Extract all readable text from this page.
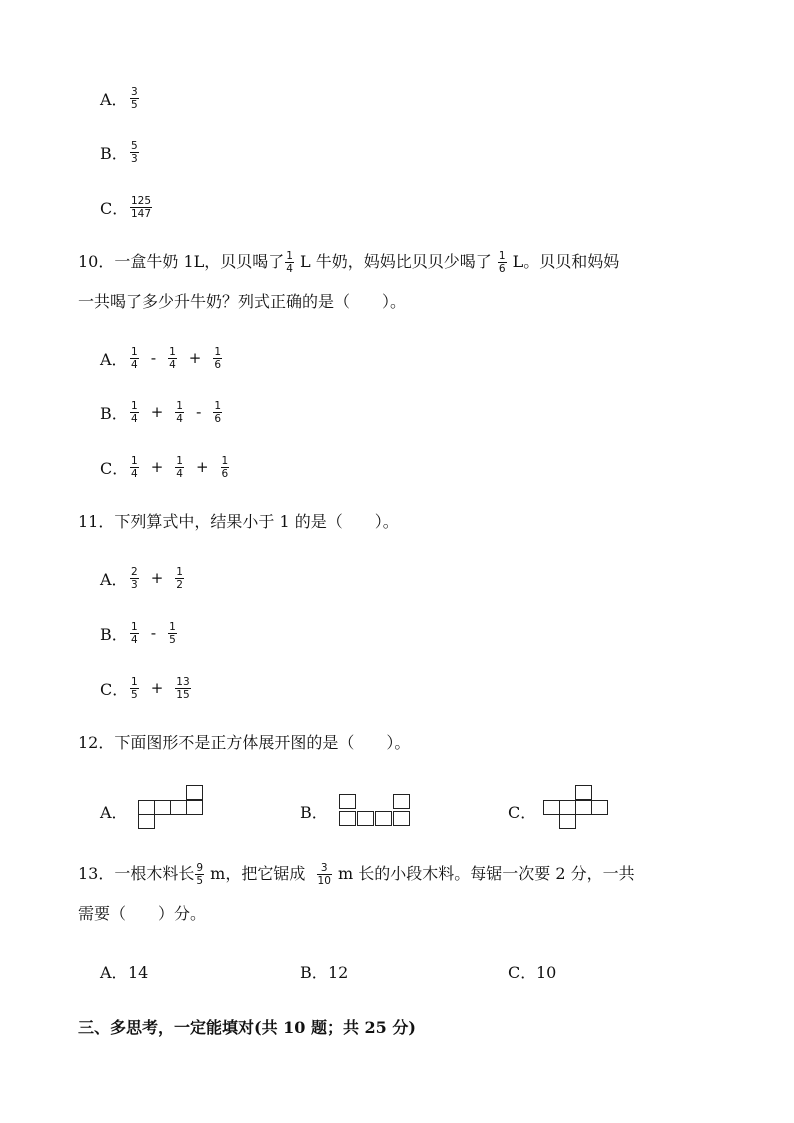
A． $\frac{3}{5}$
B． $\frac{5}{3}$
C． $\frac{125}{147}$
10．一盒牛奶 1L，贝贝喝了 $\frac{1}{4}$ L 牛奶，妈妈比贝贝少喝了 $\frac{1}{6}$ L。贝贝和妈妈
一共喝了多少升牛奶？列式正确的是（　　）。
A． $\frac{1}{4} - \frac{1}{4} + \frac{1}{6}$
B． $\frac{1}{4} + \frac{1}{4} - \frac{1}{6}$
C． $\frac{1}{4} + \frac{1}{4} + \frac{1}{6}$
11．下列算式中，结果小于 1 的是（　　）。
A． $\frac{2}{3} + \frac{1}{2}$
B． $\frac{1}{4} - \frac{1}{5}$
C． $\frac{1}{5} + \frac{13}{15}$
12．下面图形不是正方体展开图的是（　　）。
A．	B．	C．
13．一根木料长 $\frac{9}{5}$ m，把它锯成 $\frac{3}{10}$ m 长的小段木料。每锯一次要 2 分，一共
需要（　　）分。
A．14	B．12	C．10
三、多思考，一定能填对(共 10 题；共 25 分)
